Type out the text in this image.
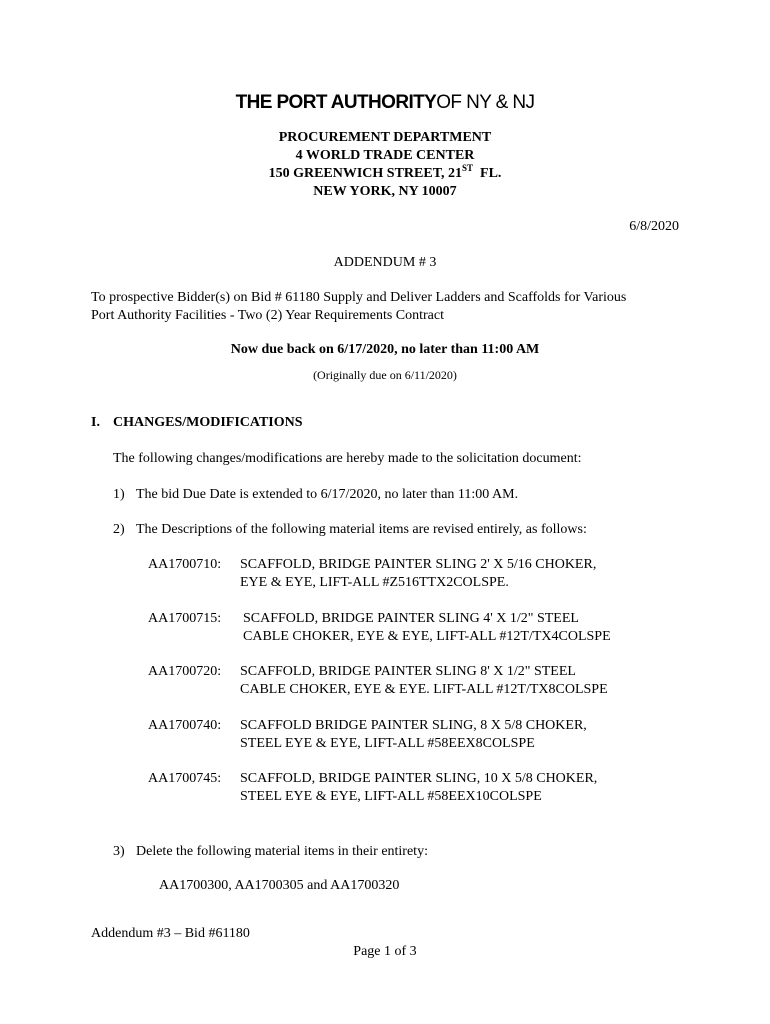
THE PORT AUTHORITYOF NY & NJ
PROCUREMENT DEPARTMENT
4 WORLD TRADE CENTER
150 GREENWICH STREET, 21ST FL.
NEW YORK, NY 10007
6/8/2020
ADDENDUM # 3
To prospective Bidder(s) on Bid # 61180 Supply and Deliver Ladders and Scaffolds for Various
Port Authority Facilities - Two (2) Year Requirements Contract
Now due back on 6/17/2020, no later than 11:00 AM
(Originally due on 6/11/2020)
I. CHANGES/MODIFICATIONS
The following changes/modifications are hereby made to the solicitation document:
1) The bid Due Date is extended to 6/17/2020, no later than 11:00 AM.
2) The Descriptions of the following material items are revised entirely, as follows:
AA1700710: SCAFFOLD, BRIDGE PAINTER SLING 2' X 5/16 CHOKER,
EYE & EYE, LIFT-ALL #Z516TTX2COLSPE.
AA1700715: SCAFFOLD, BRIDGE PAINTER SLING 4' X 1/2" STEEL
CABLE CHOKER, EYE & EYE, LIFT-ALL #12T/TX4COLSPE
AA1700720: SCAFFOLD, BRIDGE PAINTER SLING 8' X 1/2" STEEL
CABLE CHOKER, EYE & EYE. LIFT-ALL #12T/TX8COLSPE
AA1700740: SCAFFOLD BRIDGE PAINTER SLING, 8 X 5/8 CHOKER,
STEEL EYE & EYE, LIFT-ALL #58EEX8COLSPE
AA1700745: SCAFFOLD, BRIDGE PAINTER SLING, 10 X 5/8 CHOKER,
STEEL EYE & EYE, LIFT-ALL #58EEX10COLSPE
3) Delete the following material items in their entirety:
AA1700300, AA1700305 and AA1700320
Addendum #3 – Bid #61180
Page 1 of 3
